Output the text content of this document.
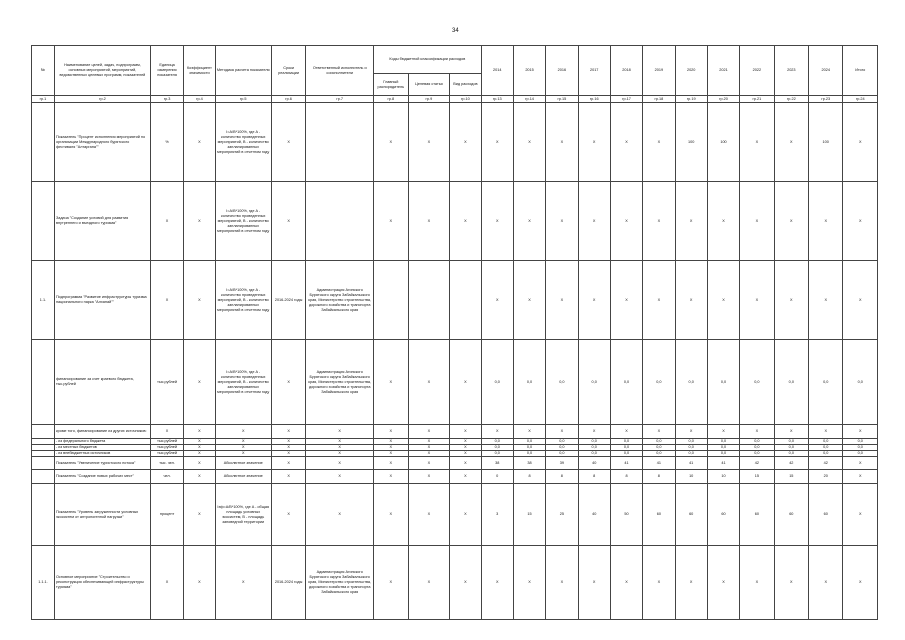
34
№	Наименование целей, задач, подпрограмм, основных мероприятий, мероприятий, ведомственных целевых программ, показателей	Единица измерения показателя	Коэффициент значимости	Методика расчета показателя	Сроки реализации	Ответственный исполнитель и соисполнители	Коды бюджетной классификации расходов			2014	2015	2016	2017	2018	2019	2020	2021	2022	2023	2024	Итого
							Главный распорядитель	Целевая статья	Вид расходов												
гр.1	гр.2	гр.3	гр.4	гр.5	гр.6	гр.7	гр.8	гр.9	гр.10	гр.13	гр.14	гр.15	гр.16	гр.17	гр.18	гр.19	гр.20	гр.21	гр.22	гр.23	гр.24
	Показатель "Процент исполнения мероприятий по организации Международного бурятского фестиваля "Алтаргана""	%	X	I=A/B*100%, где A - количество проведенных мероприятий, B - количество запланированных мероприятий в отчетном году	X		X	X	X	X	X	X	X	X	X	100	100	X	X	100	X
	Задача "Создание условий для развития внутреннего и въездного туризма"	X	X	I=A/B*100%, где A - количество проведенных мероприятий, B - количество запланированных мероприятий в отчетном году	X		X	X	X	X	X	X	X	X	X	X	X	X	X	X	X
1.1.	Подпрограмма "Развитие инфраструктуры туризма национального парка "Алханай""	X	X	I=A/B*100%, где A - количество проведенных мероприятий, B - количество запланированных мероприятий в отчетном году	2016-2024 годы	Администрация Агинского Бурятского округа Забайкальского края, Министерство строительства, дорожного хозяйства и транспорта Забайкальского края				X	X	X	X	X	X	X	X	X	X	X	X
	финансирование за счет краевого бюджета, тыс.рублей	тыс.рублей	X	I=A/B*100%, где A - количество проведенных мероприятий, B - количество запланированных мероприятий в отчетном году	X	Администрация Агинского Бурятского округа Забайкальского края, Министерство строительства, дорожного хозяйства и транспорта Забайкальского края	X	X	X	0,0	0,0	0,0	0,0	0,0	0,0	0,0	0,0	0,0	0,0	0,0	0,0
	кроме того, финансирование из других источников:	X	X	X	X	X	X	X	X	X	X	X	X	X	X	X	X	X	X	X	X
	- из федерального бюджета	тыс.рублей	X	X	X	X	X	X	X	0,0	0,0	0,0	0,0	0,0	0,0	0,0	0,0	0,0	0,0	0,0	0,0
	- из местных бюджетов	тыс.рублей	X	X	X	X	X	X	X	0,0	0,0	0,0	0,0	0,0	0,0	0,0	0,0	0,0	0,0	0,0	0,0
	- из внебюджетных источников	тыс.рублей	X	X	X	X	X	X	X	0,0	0,0	0,0	0,0	0,0	0,0	0,0	0,0	0,0	0,0	0,0	0,0
	Показатель "Увеличение туристского потока"	тыс. чел.	X	Абсолютное значение	X	X	X	X	X	38	38	39	40	41	41	41	41	42	42	42	X
	Показатель "Создание новых рабочих мест"	чел.	X	Абсолютное значение	X	X	X	X	X	0	8	8	8	8	8	10	10	15	15	20	X
	Показатель "Уровень загруженности условных экосистем от антропогенной нагрузки"	процент	X	Iэф=A/B*100%, где A - общая площадь условных экосистем, B - площадь заповедной территории	X	X	X	X	X	3	15	25	40	50	60	60	60	60	60	60	X
1.1.1.	Основное мероприятие "Строительство и реконструкция обеспечивающей инфраструктуры туризма"	X	X	X	2016-2024 годы	Администрация Агинского Бурятского округа Забайкальского края, Министерство строительства, дорожного хозяйства и транспорта Забайкальского края	X	X	X	X	X	X	X	X	X	X	X	X	X	X	X
